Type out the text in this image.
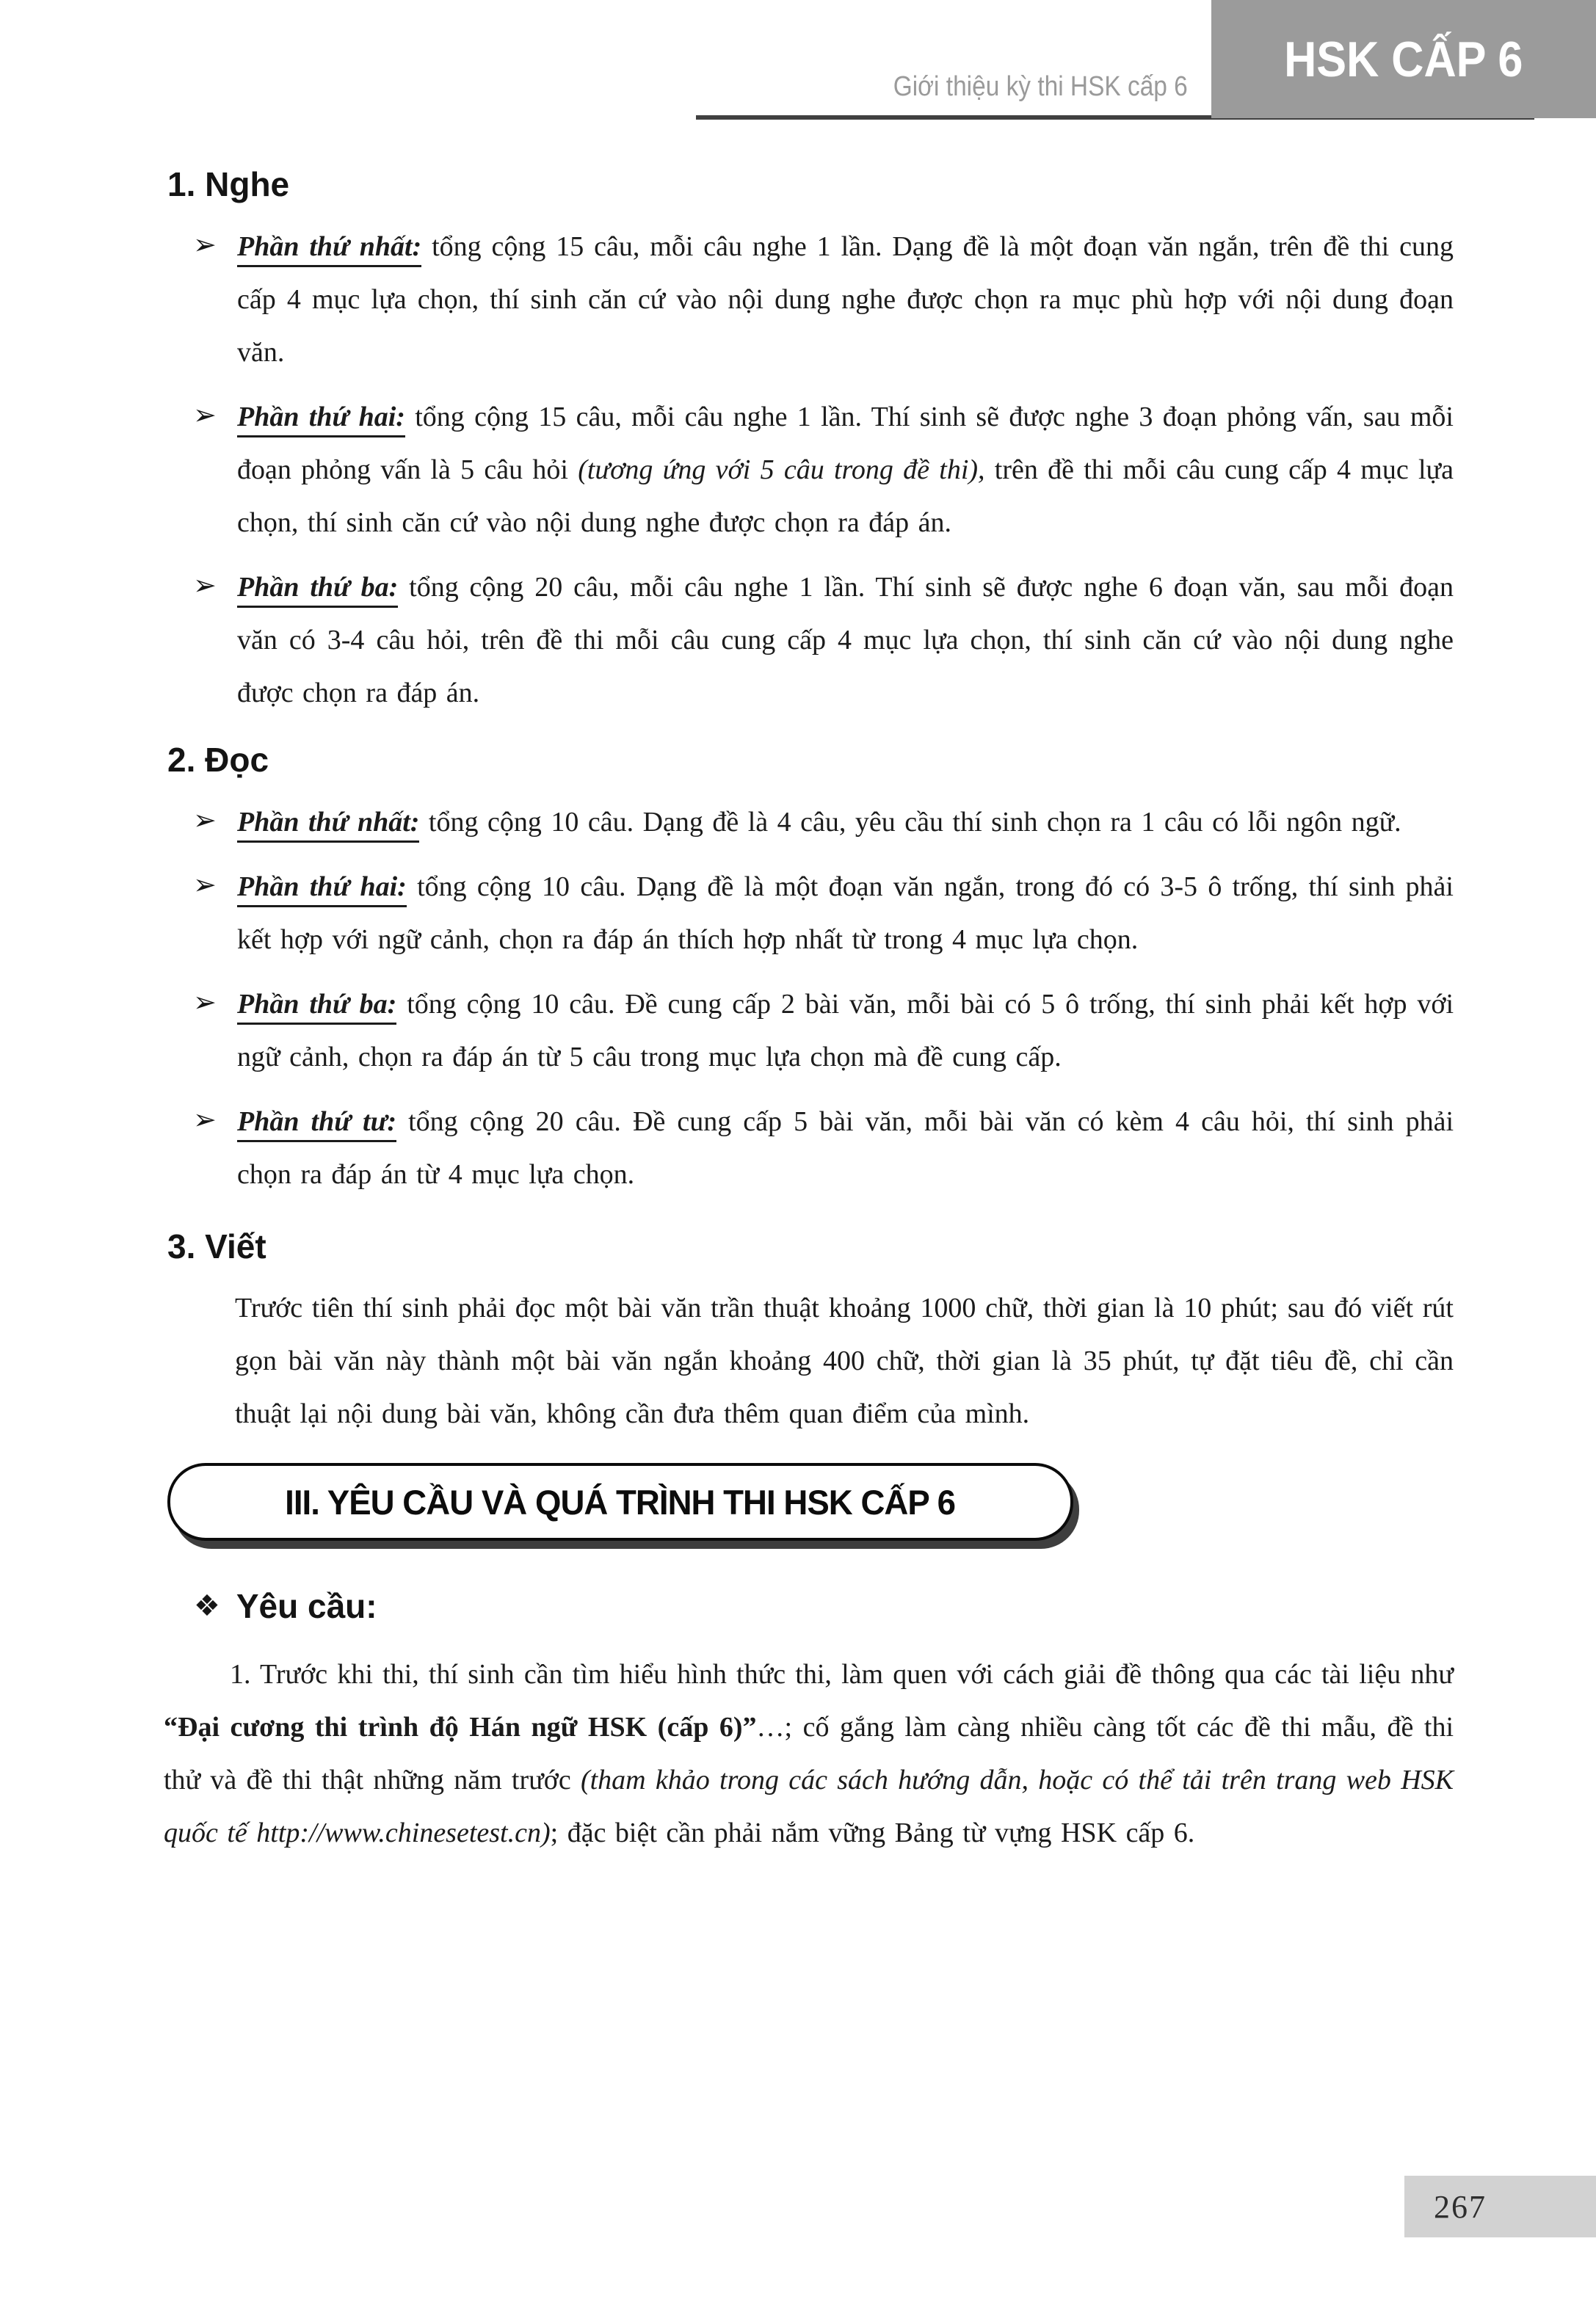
Giới thiệu kỳ thi HSK cấp 6 HSK CẤP 6
1. Nghe
➢ Phần thứ nhất: tổng cộng 15 câu, mỗi câu nghe 1 lần. Dạng đề là một đoạn văn ngắn, trên đề thi cung cấp 4 mục lựa chọn, thí sinh căn cứ vào nội dung nghe được chọn ra mục phù hợp với nội dung đoạn văn.
➢ Phần thứ hai: tổng cộng 15 câu, mỗi câu nghe 1 lần. Thí sinh sẽ được nghe 3 đoạn phỏng vấn, sau mỗi đoạn phỏng vấn là 5 câu hỏi (tương ứng với 5 câu trong đề thi), trên đề thi mỗi câu cung cấp 4 mục lựa chọn, thí sinh căn cứ vào nội dung nghe được chọn ra đáp án.
➢ Phần thứ ba: tổng cộng 20 câu, mỗi câu nghe 1 lần. Thí sinh sẽ được nghe 6 đoạn văn, sau mỗi đoạn văn có 3-4 câu hỏi, trên đề thi mỗi câu cung cấp 4 mục lựa chọn, thí sinh căn cứ vào nội dung nghe được chọn ra đáp án.
2. Đọc
➢ Phần thứ nhất: tổng cộng 10 câu. Dạng đề là 4 câu, yêu cầu thí sinh chọn ra 1 câu có lỗi ngôn ngữ.
➢ Phần thứ hai: tổng cộng 10 câu. Dạng đề là một đoạn văn ngắn, trong đó có 3-5 ô trống, thí sinh phải kết hợp với ngữ cảnh, chọn ra đáp án thích hợp nhất từ trong 4 mục lựa chọn.
➢ Phần thứ ba: tổng cộng 10 câu. Đề cung cấp 2 bài văn, mỗi bài có 5 ô trống, thí sinh phải kết hợp với ngữ cảnh, chọn ra đáp án từ 5 câu trong mục lựa chọn mà đề cung cấp.
➢ Phần thứ tư: tổng cộng 20 câu. Đề cung cấp 5 bài văn, mỗi bài văn có kèm 4 câu hỏi, thí sinh phải chọn ra đáp án từ 4 mục lựa chọn.
3. Viết

Trước tiên thí sinh phải đọc một bài văn trần thuật khoảng 1000 chữ, thời gian là 10 phút; sau đó viết rút gọn bài văn này thành một bài văn ngắn khoảng 400 chữ, thời gian là 35 phút, tự đặt tiêu đề, chỉ cần thuật lại nội dung bài văn, không cần đưa thêm quan điểm của mình.

III. YÊU CẦU VÀ QUÁ TRÌNH THI HSK CẤP 6
❖ Yêu cầu:

1. Trước khi thi, thí sinh cần tìm hiểu hình thức thi, làm quen với cách giải đề thông qua các tài liệu như “Đại cương thi trình độ Hán ngữ HSK (cấp 6)”…; cố gắng làm càng nhiều càng tốt các đề thi mẫu, đề thi thử và đề thi thật những năm trước (tham khảo trong các sách hướng dẫn, hoặc có thể tải trên trang web HSK quốc tế http://www.chinesetest.cn); đặc biệt cần phải nắm vững Bảng từ vựng HSK cấp 6.

267
